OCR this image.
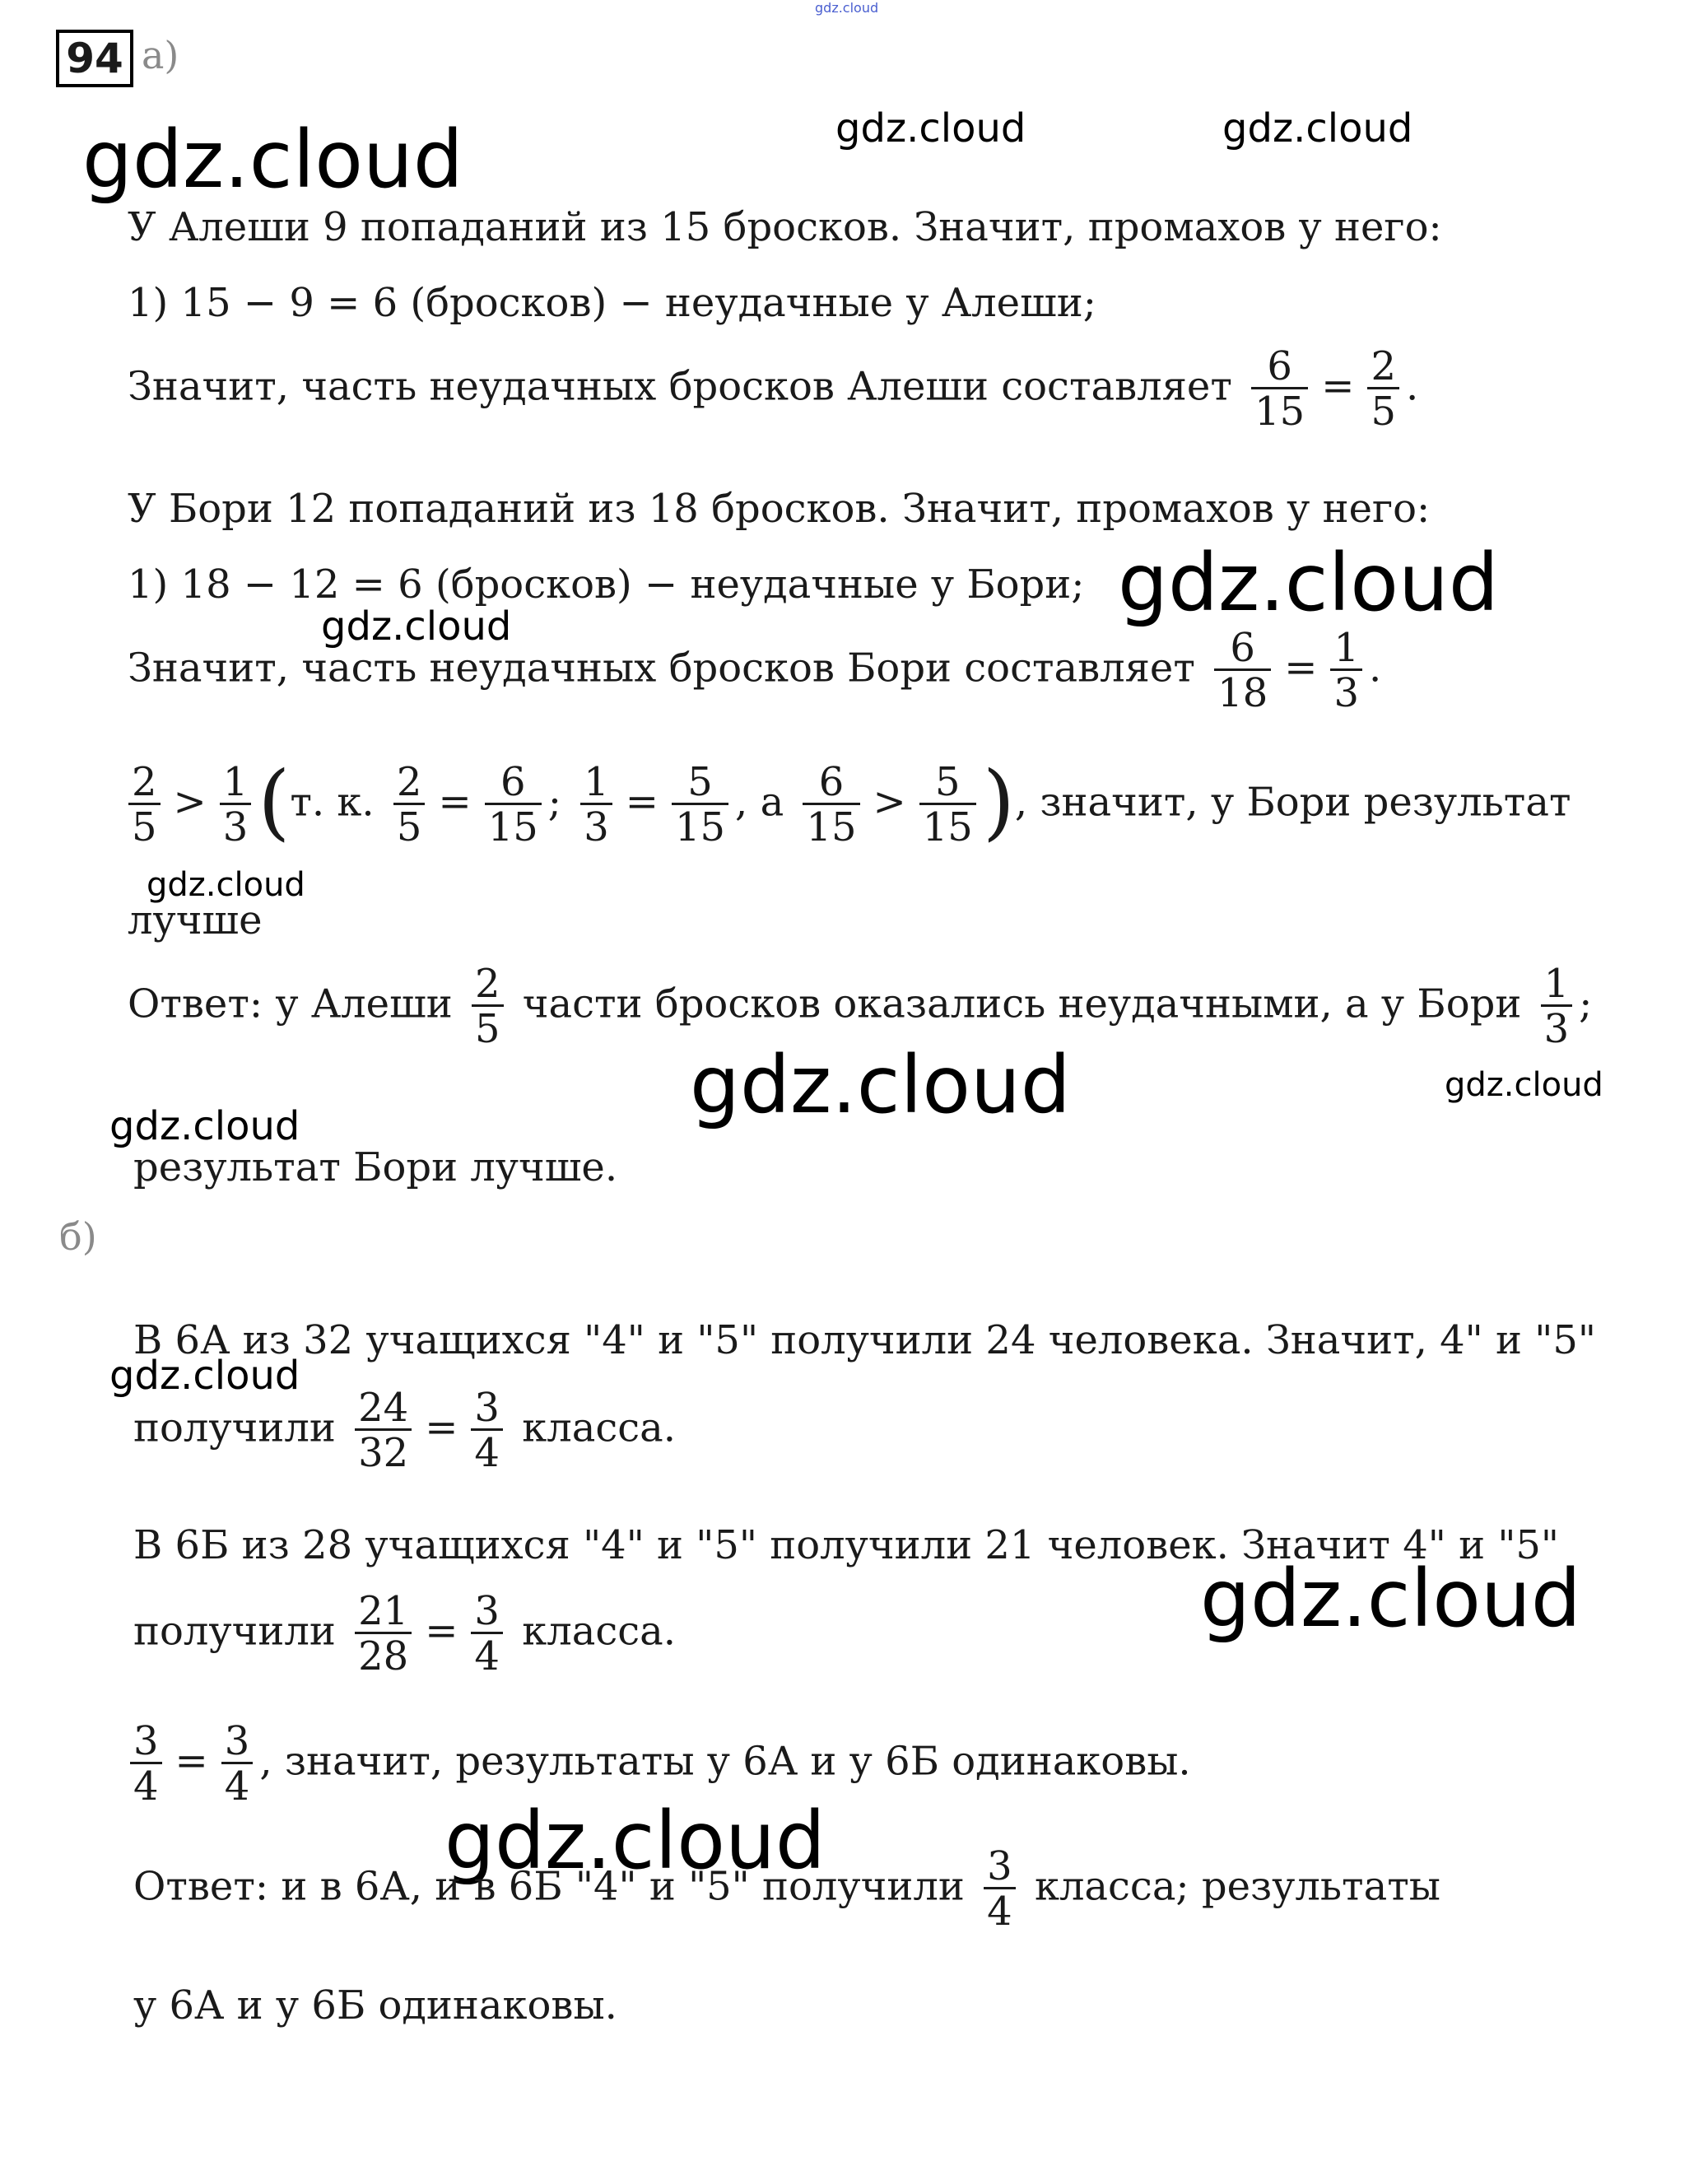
94 а)
gdz.cloud
gdz.cloud	gdz.cloud	gdz.cloud
gdz.cloud
gdz.cloud
gdz.cloud
gdz.cloud	gdz.cloud
gdz.cloud
gdz.cloud
gdz.cloud
gdz.cloud
У Алеши 9 попаданий из 15 бросков. Значит, промахов у него:
1) 15 − 9 = 6 (бросков) − неудачные у Алеши;
Значит, часть неудачных бросков Алеши составляет $\frac{6}{15} = \frac{2}{5}$ .
У Бори 12 попаданий из 18 бросков. Значит, промахов у него:
1) 18 − 12 = 6 (бросков) − неудачные у Бори;
Значит, часть неудачных бросков Бори составляет $\frac{6}{18} = \frac{1}{3}$ .
$\frac{2}{5} > \frac{1}{3} (т$. к. $\frac{2}{5} = \frac{6}{15}$ ; $\frac{1}{3} = \frac{5}{15}$ , а $\frac{6}{15} > \frac{5}{15}$ ), значит, у Бори результат
лучше
Ответ: у Алеши $\frac{2}{5}$ части бросков оказались неудачными, а у Бори $\frac{1}{3}$ ;
результат Бори лучше.
б)
В 6А из 32 учащихся "4" и "5" получили 24 человека. Значит, 4" и "5"
получили $\frac{24}{32} = \frac{3}{4}$ класса.
В 6Б из 28 учащихся "4" и "5" получили 21 человек. Значит 4" и "5"
получили $\frac{21}{28} = \frac{3}{4}$ класса.
$\frac{3}{4} = \frac{3}{4}$ , значит, результаты у 6А и у 6Б одинаковы.
Ответ: и в 6А, и в 6Б "4" и "5" получили $\frac{3}{4}$ класса; результаты
у 6А и у 6Б одинаковы.
